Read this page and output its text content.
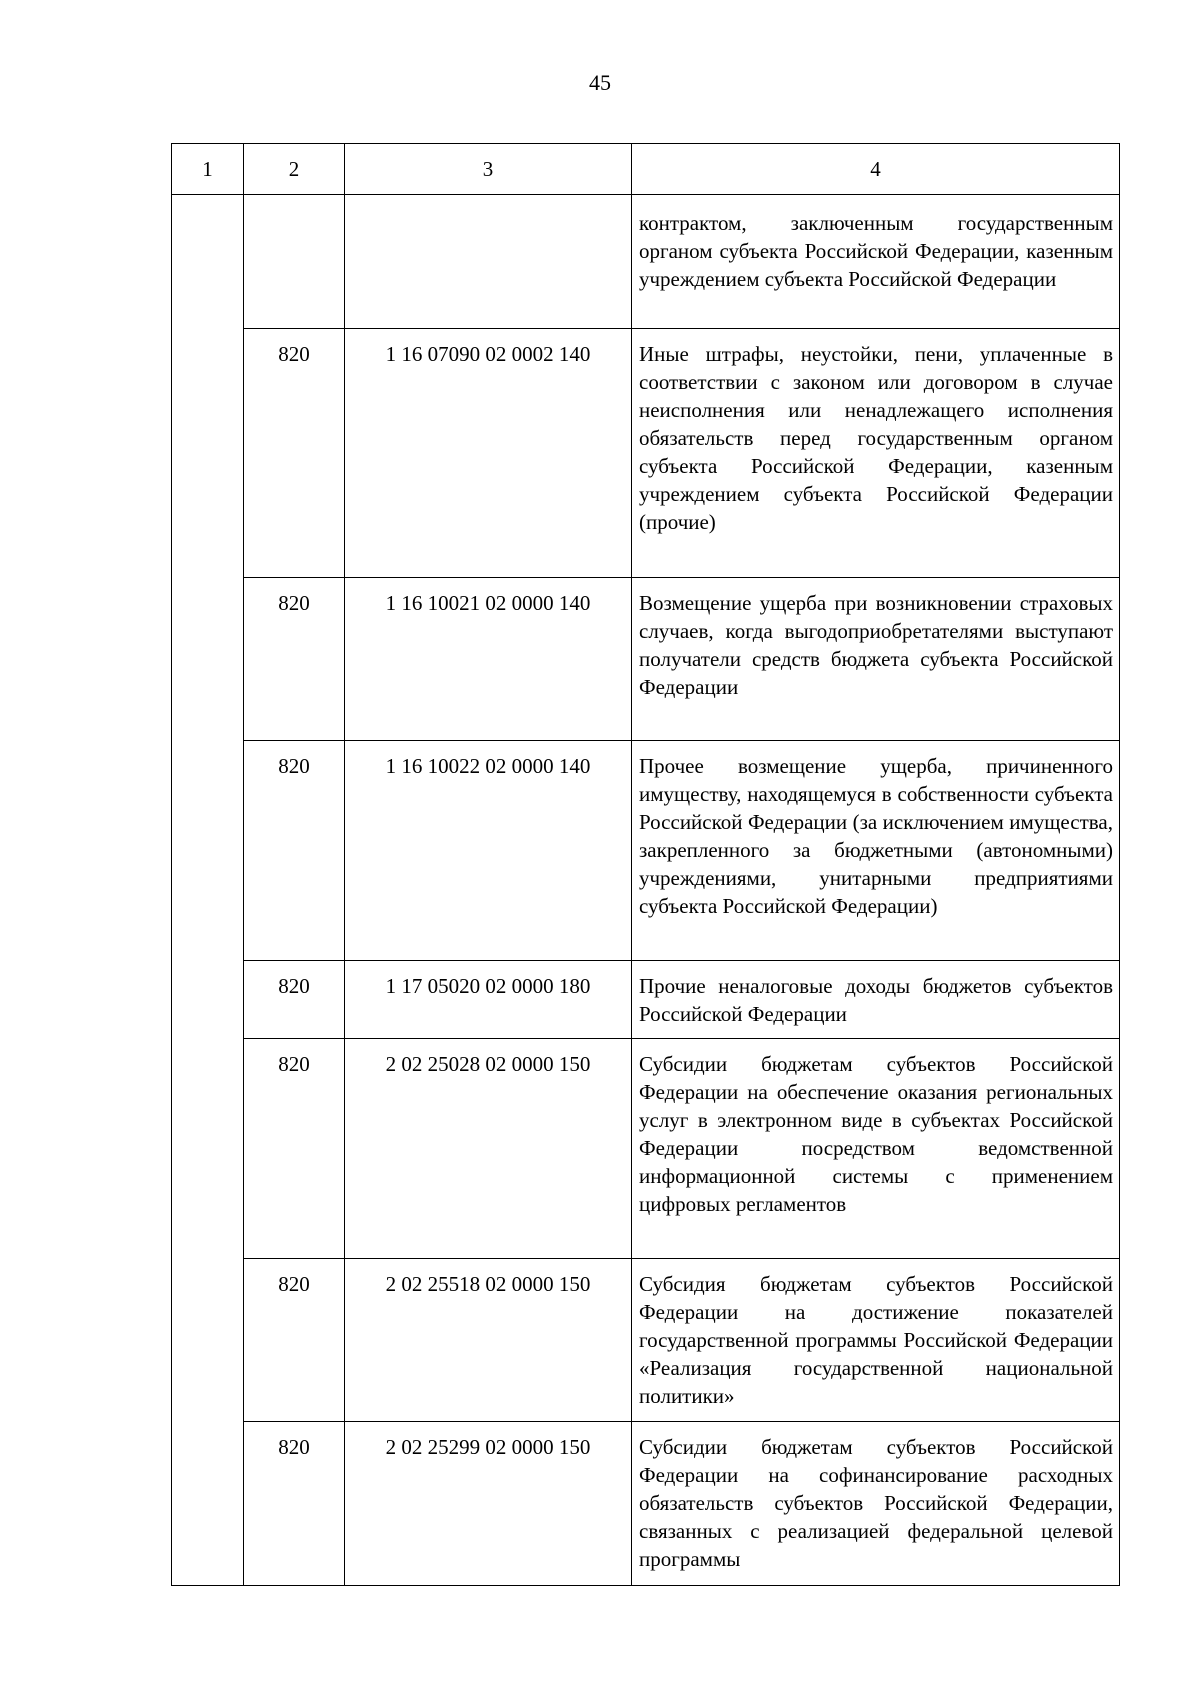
45
1	2	3	4
			контрактом, заключенным государственным органом субъекта Российской Федерации, казенным учреждением субъекта Российской Федерации
	820	1 16 07090 02 0002 140	Иные штрафы, неустойки, пени, уплаченные в соответствии с законом или договором в случае неисполнения или ненадлежащего исполнения обязательств перед государственным органом субъекта Российской Федерации, казенным учреждением субъекта Российской Федерации (прочие)
	820	1 16 10021 02 0000 140	Возмещение ущерба при возникновении страховых случаев, когда выгодоприобретателями выступают получатели средств бюджета субъекта Российской Федерации
	820	1 16 10022 02 0000 140	Прочее возмещение ущерба, причиненного имуществу, находящемуся в собственности субъекта Российской Федерации (за исключением имущества, закрепленного за бюджетными (автономными) учреждениями, унитарными предприятиями субъекта Российской Федерации)
	820	1 17 05020 02 0000 180	Прочие неналоговые доходы бюджетов субъектов Российской Федерации
	820	2 02 25028 02 0000 150	Субсидии бюджетам субъектов Российской Федерации на обеспечение оказания региональных услуг в электронном виде в субъектах Российской Федерации посредством ведомственной информационной системы с применением цифровых регламентов
	820	2 02 25518 02 0000 150	Субсидия бюджетам субъектов Российской Федерации на достижение показателей государственной программы Российской Федерации «Реализация государственной национальной политики»
	820	2 02 25299 02 0000 150	Субсидии бюджетам субъектов Российской Федерации на софинансирование расходных обязательств субъектов Российской Федерации, связанных с реализацией федеральной целевой программы
